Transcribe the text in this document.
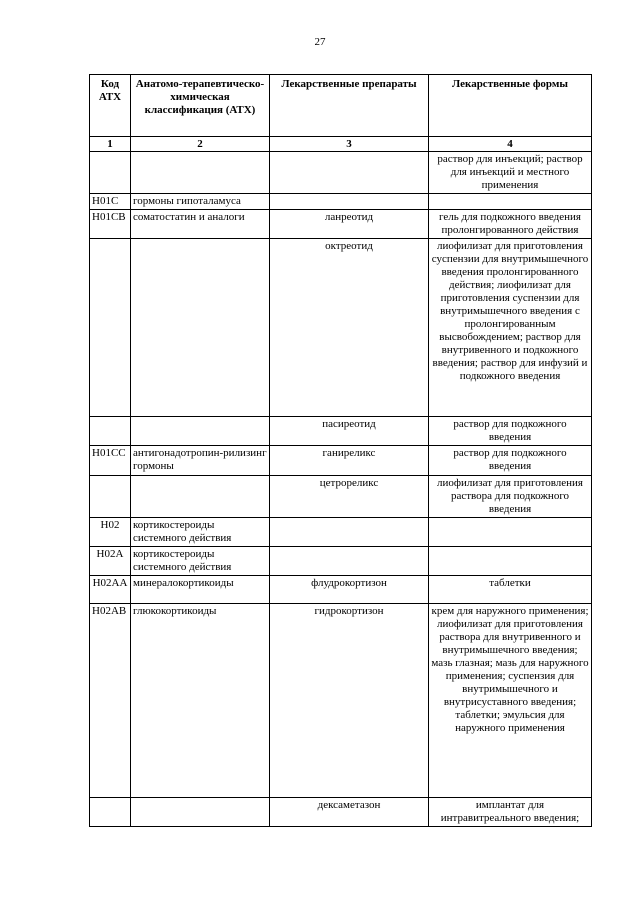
27
Код АТХ	Анатомо-терапевтическо-химическая классификация (АТХ)	Лекарственные препараты	Лекарственные формы
1	2	3	4
			раствор для инъекций; раствор для инъекций и местного применения
H01C	гормоны гипоталамуса		
H01CB	соматостатин и аналоги	ланреотид	гель для подкожного введения пролонгированного действия
		октреотид	лиофилизат для приготовления суспензии для внутримышечного введения пролонгированного действия; лиофилизат для приготовления суспензии для внутримышечного введения с пролонгированным высвобождением; раствор для внутривенного и подкожного введения; раствор для инфузий и подкожного введения
		пасиреотид	раствор для подкожного введения
H01CC	антигонадотропин-рилизинг гормоны	ганиреликс	раствор для подкожного введения
		цетрореликс	лиофилизат для приготовления раствора для подкожного введения
H02	кортикостероиды системного действия		
H02A	кортикостероиды системного действия		
H02AA	минералокортикоиды	флудрокортизон	таблетки
H02AB	глюкокортикоиды	гидрокортизон	крем для наружного применения; лиофилизат для приготовления раствора для внутривенного и внутримышечного введения; мазь глазная; мазь для наружного применения; суспензия для внутримышечного и внутрисуставного введения; таблетки; эмульсия для наружного применения
		дексаметазон	имплантат для интравитреального введения;
